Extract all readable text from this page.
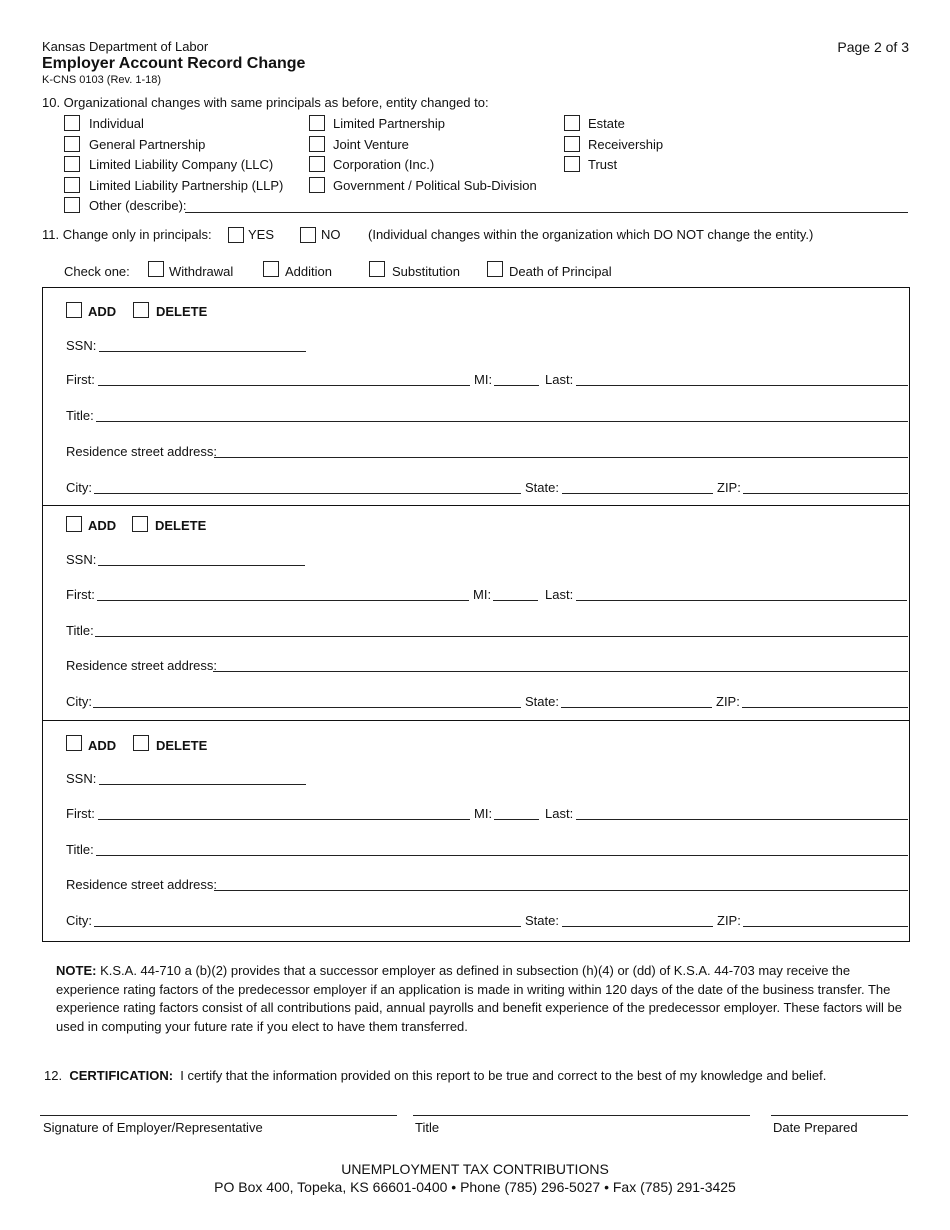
Kansas Department of Labor
Employer Account Record Change
K-CNS 0103 (Rev. 1-18)
Page 2 of 3
10. Organizational changes with same principals as before, entity changed to:
Individual
General Partnership
Limited Liability Company (LLC)
Limited Liability Partnership (LLP)
Other (describe):
Limited Partnership
Joint Venture
Corporation (Inc.)
Government / Political Sub-Division
Estate
Receivership
Trust
11. Change only in principals:	YES	NO (Individual changes within the organization which DO NOT change the entity.)
Check one:	Withdrawal	Addition	Substitution	Death of Principal
ADD	DELETE
SSN:
First:	MI:	Last:
Title:
Residence street address:
City:	State:	ZIP:
ADD	DELETE
SSN:
First:	MI:	Last:
Title:
Residence street address:
City:	State:	ZIP:
ADD	DELETE
SSN:
First:	MI:	Last:
Title:
Residence street address:
City:	State:	ZIP:
NOTE: K.S.A. 44-710 a (b)(2) provides that a successor employer as defined in subsection (h)(4) or (dd) of K.S.A. 44-703 may receive the experience rating factors of the predecessor employer if an application is made in writing within 120 days of the date of the business transfer. The experience rating factors consist of all contributions paid, annual payrolls and benefit experience of the predecessor employer. These factors will be used in computing your future rate if you elect to have them transferred.
12. CERTIFICATION: I certify that the information provided on this report to be true and correct to the best of my knowledge and belief.
Signature of Employer/Representative	Title	Date Prepared
UNEMPLOYMENT TAX CONTRIBUTIONS
PO Box 400, Topeka, KS 66601-0400 • Phone (785) 296-5027 • Fax (785) 291-3425
